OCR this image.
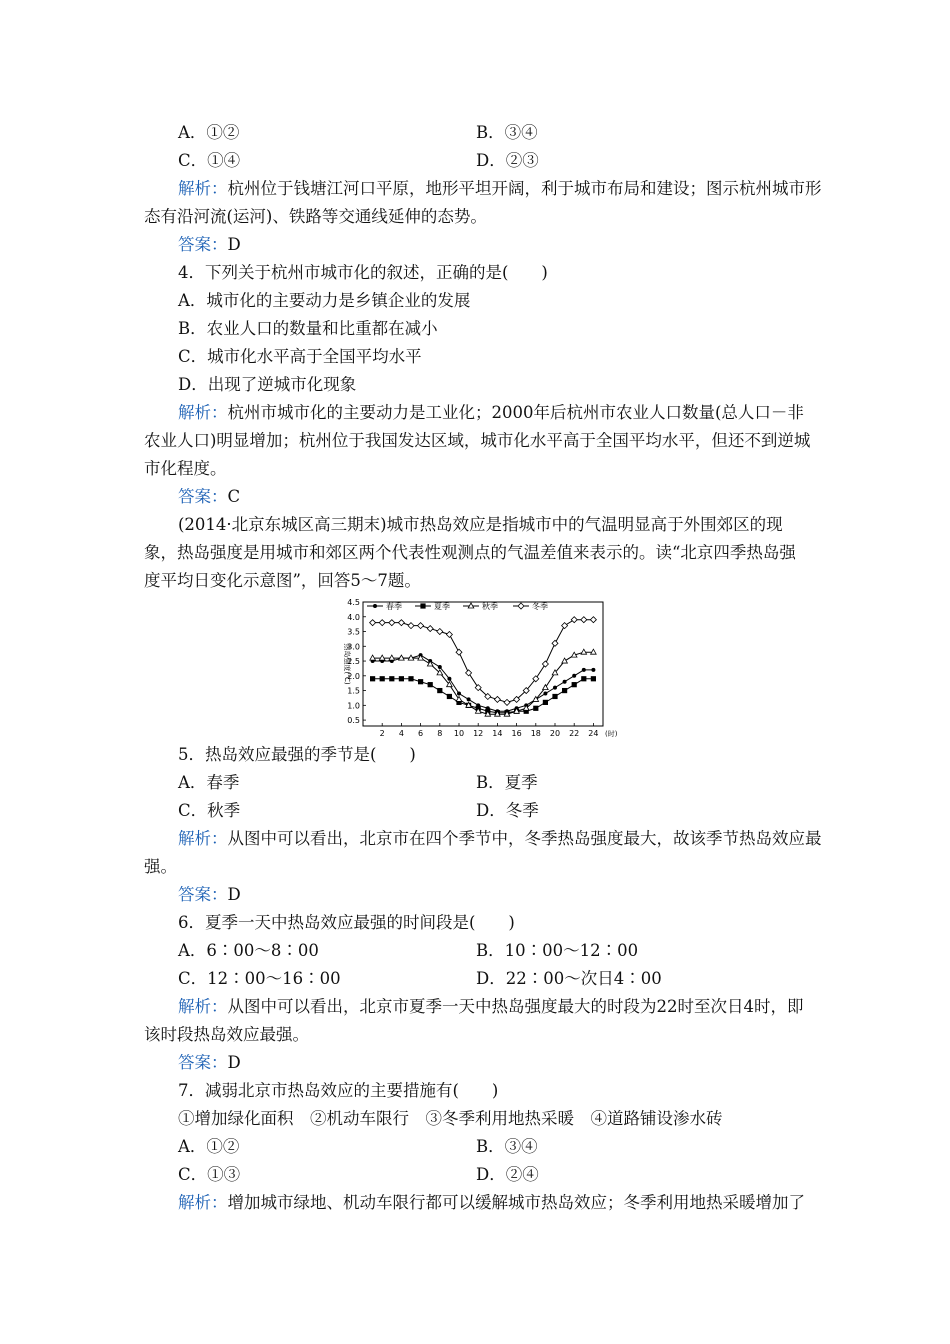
A．①②	B．③④
C．①④	D．②③
解析：杭州位于钱塘江河口平原，地形平坦开阔，利于城市布局和建设；图示杭州城市形
态有沿河流(运河)、铁路等交通线延伸的态势。
答案：D
4．下列关于杭州市城市化的叙述，正确的是(　　)
A．城市化的主要动力是乡镇企业的发展
B．农业人口的数量和比重都在减小
C．城市化水平高于全国平均水平
D．出现了逆城市化现象
解析：杭州市城市化的主要动力是工业化；2000年后杭州市农业人口数量(总人口－非
农业人口)明显增加；杭州位于我国发达区域，城市化水平高于全国平均水平，但还不到逆城
市化程度。
答案：C
(2014·北京东城区高三期末)城市热岛效应是指城市中的气温明显高于外围郊区的现
象，热岛强度是用城市和郊区两个代表性观测点的气温差值来表示的。读“北京四季热岛强
度平均日变化示意图”，回答5～7题。
0.5
1.0
1.5
2.0
2.5
3.0
3.5
4.0
4.5
2 4 6 8 10 12 14 16 18 20 22 24 (时)
热岛强度(℃)
春季	夏季	秋季	冬季
5．热岛效应最强的季节是(　　)
A．春季	B．夏季
C．秋季	D．冬季
解析：从图中可以看出，北京市在四个季节中，冬季热岛强度最大，故该季节热岛效应最
强。
答案：D
6．夏季一天中热岛效应最强的时间段是(　　)
A．6∶00～8∶00	B．10∶00～12∶00
C．12∶00～16∶00	D．22∶00～次日4∶00
解析：从图中可以看出，北京市夏季一天中热岛强度最大的时段为22时至次日4时，即
该时段热岛效应最强。
答案：D
7．减弱北京市热岛效应的主要措施有(　　)
①增加绿化面积　②机动车限行　③冬季利用地热采暖　④道路铺设渗水砖
A．①②	B．③④
C．①③	D．②④
解析：增加城市绿地、机动车限行都可以缓解城市热岛效应；冬季利用地热采暖增加了
